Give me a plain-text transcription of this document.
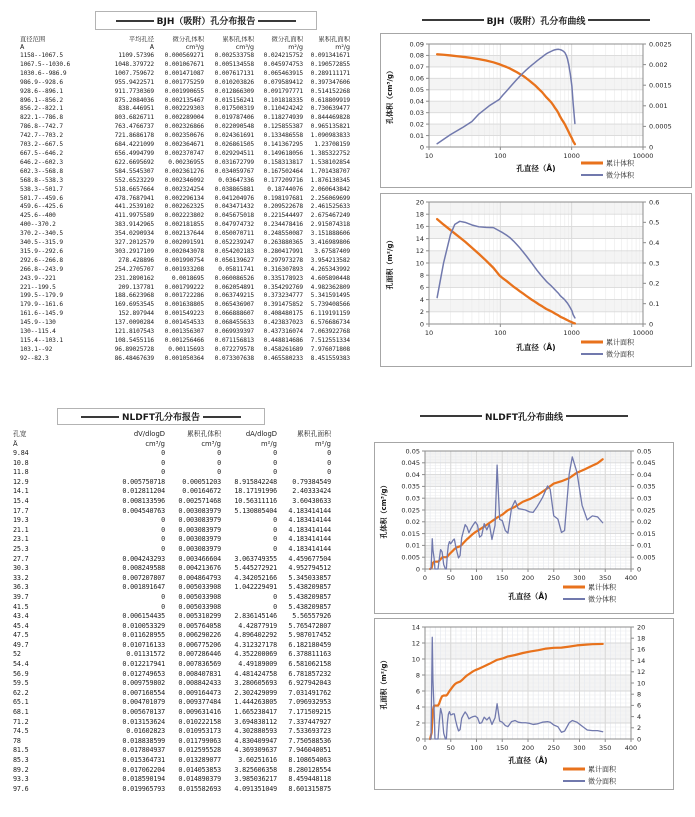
BJH（吸附）孔分布报告
直径范围	平均孔径	微分孔体积	累积孔体积	微分孔面积	累积孔面积
Å	Å	cm³/g	cm³/g	m²/g	m²/g
1158--1067.5	1109.57396	0.000569271	0.002533758	0.024215752	0.091341671
1067.5--1030.6	1048.379722	0.001067671	0.005134558	0.045974753	0.190572855
1030.6--986.9	1007.759672	0.001471087	0.007617131	0.065463915	0.289111171
986.9--928.6	955.9422571	0.001775259	0.010203826	0.079589412	0.397347606
928.6--896.1	911.7730369	0.001990655	0.012866309	0.091797771	0.514152268
896.1--856.2	875.2084036	0.002135467	0.015156241	0.101818335	0.618809919
856.2--822.1	838.446951	0.002229303	0.017500319	0.110424242	0.730639477
822.1--786.8	803.6826711	0.002289004	0.019787406	0.118274939	0.844469828
786.8--742.7	763.4766737	0.002326866	0.022090548	0.125855387	0.965135821
742.7--703.2	721.8686178	0.002350676	0.024361691	0.133486558	1.090983833
703.2--667.5	684.4221099	0.002364671	0.026861505	0.141367295	1.23708159
667.5--646.2	656.4994799	0.002370747	0.029294511	0.149618056	1.385322752
646.2--602.3	622.6695692	0.00236955	0.031672799	0.158313817	1.538102854
602.3--568.8	584.5545307	0.002361276	0.034059767	0.167502464	1.701438707
568.8--538.3	552.6523229	0.002346092	0.03647336	0.177209716	1.876130345
538.3--501.7	518.6657664	0.002324254	0.038865881	0.18744076	2.060643842
501.7--459.6	478.7687941	0.002296134	0.041204976	0.198197681	2.256069699
459.6--425.6	441.2539102	0.002262325	0.043471432	0.209522678	2.461525633
425.6--400	411.9975589	0.002223802	0.045675018	0.221544497	2.675467249
400--370.2	383.9142965	0.002181855	0.047974732	0.234478416	2.915074318
370.2--340.5	354.0290934	0.002137644	0.050070711	0.248550087	3.151888606
340.5--315.9	327.2012579	0.002091591	0.052239247	0.263880365	3.416989806
315.9--292.6	303.2917109	0.002043078	0.054202183	0.280417991	3.67587409
292.6--266.8	278.428896	0.001990754	0.056139627	0.297973278	3.954213582
266.8--243.9	254.2705707	0.001933208	0.05811741	0.316307893	4.265343992
243.9--221	231.2890162	0.0018695	0.060086526	0.335178923	4.605890448
221--199.5	209.137781	0.001799222	0.062054891	0.354292769	4.982362809
199.5--179.9	188.6623968	0.001722286	0.063749215	0.373234777	5.341591495
179.9--161.6	169.6953545	0.001638805	0.065436907	0.391475852	5.739408566
161.6--145.9	152.897944	0.001549223	0.066888607	0.408480175	6.119191159
145.9--130	137.0090284	0.001454533	0.068455633	0.423837023	6.576686734
130--115.4	121.8107543	0.001356307	0.069939397	0.437316074	7.063922768
115.4--103.1	108.5455116	0.001256466	0.071156813	0.448814686	7.512551334
103.1--92	96.89025728	0.00115693	0.072279578	0.458261689	7.976071808
92--82.3	86.48467639	0.001050364	0.073307638	0.465580233	8.451559383
NLDFT孔分布报告
孔宽	dV/dlogD	累积孔体积	dA/dlogD	累积孔面积
Å	cm³/g	cm³/g	m²/g	m²/g
9.84	0	0	0	0
10.8	0	0	0	0
11.8	0	0	0	0
12.9	0.005750718	0.00051203	8.915842248	0.79384549
14.1	0.012811204	0.00164672	18.17191996	2.40333424
15.4	0.008133596	0.002571468	10.56311116	3.60430633
17.7	0.004540763	0.003083979	5.130805404	4.183414144
19.3	0	0.003083979	0	4.183414144
21.1	0	0.003083979	0	4.183414144
23.1	0	0.003083979	0	4.183414144
25.3	0	0.003083979	0	4.183414144
27.7	0.004243293	0.003466604	3.063749355	4.459677504
30.3	0.008249588	0.004213676	5.445272921	4.952794512
33.2	0.007207807	0.004864793	4.342052166	5.345033857
36.3	0.001891647	0.005033908	1.042229491	5.438209857
39.7	0	0.005033908	0	5.438209857
41.5	0	0.005033908	0	5.438209857
43.4	0.006154435	0.005310299	2.836145146	5.56557926
45.4	0.010053329	0.005764058	4.42877919	5.765472807
47.5	0.011628955	0.006290226	4.896402292	5.987017452
49.7	0.010716133	0.006775206	4.312327178	6.182180459
52	0.01131572	0.007286446	4.352200069	6.378811163
54.4	0.012217941	0.007836569	4.49189009	6.581062158
56.9	0.012749653	0.008407831	4.481424758	6.781857232
59.5	0.009759802	0.008842433	3.280605693	6.927942043
62.2	0.007160554	0.009164473	2.302429099	7.031491762
65.1	0.004701079	0.009377484	1.444263805	7.096932953
68.1	0.005670137	0.009631416	1.665238417	7.171509215
71.2	0.013153624	0.010222158	3.694838112	7.337447927
74.5	0.01602823	0.010953173	4.302880593	7.533693723
78	0.018838599	0.011799063	4.830409947	7.750588536
81.5	0.017804937	0.012595528	4.369309637	7.946040051
85.3	0.015364731	0.013289077	3.60251616	8.108654063
89.2	0.017062204	0.014053853	3.825606358	8.280128554
93.3	0.018590194	0.014890379	3.985036217	8.459448118
97.6	0.019965793	0.015582693	4.091351049	8.601315875
BJH（吸附）孔分布曲线
10	100	1000	10000
0
0.01
0.02
0.03
0.04
0.05
0.06
0.07
0.08
0.09
0
0.0005
0.001
0.0015
0.002
0.0025
孔体积（cm³/g）
孔直径（Å)
累计体积
微分体积
10	100	1000	10000
0
2
4
6
8
10
12
14
16
18
20
0
0.1
0.2
0.3
0.4
0.5
0.6
孔面积（m²/g）
孔直径（Å)
累计面积
微分面积
NLDFT孔分布曲线
0	50 100 150 200 250 300 350 400
0
0.005
0.01
0.015
0.02
0.025
0.03
0.035
0.04
0.045
0.05
0
0.005
0.01
0.015
0.02
0.025
0.03
0.035
0.04
0.045
0.05
孔体积（cm³/g）
孔直径（Å)
累计体积
微分体积
0	50 100 150 200 250 300 350 400
0
2
4
6
8
10
12
14
0
2
4
6
8
10
12
14
16
18
20
孔面积（m²/g）
孔直径（Å)
累计面积
微分面积
